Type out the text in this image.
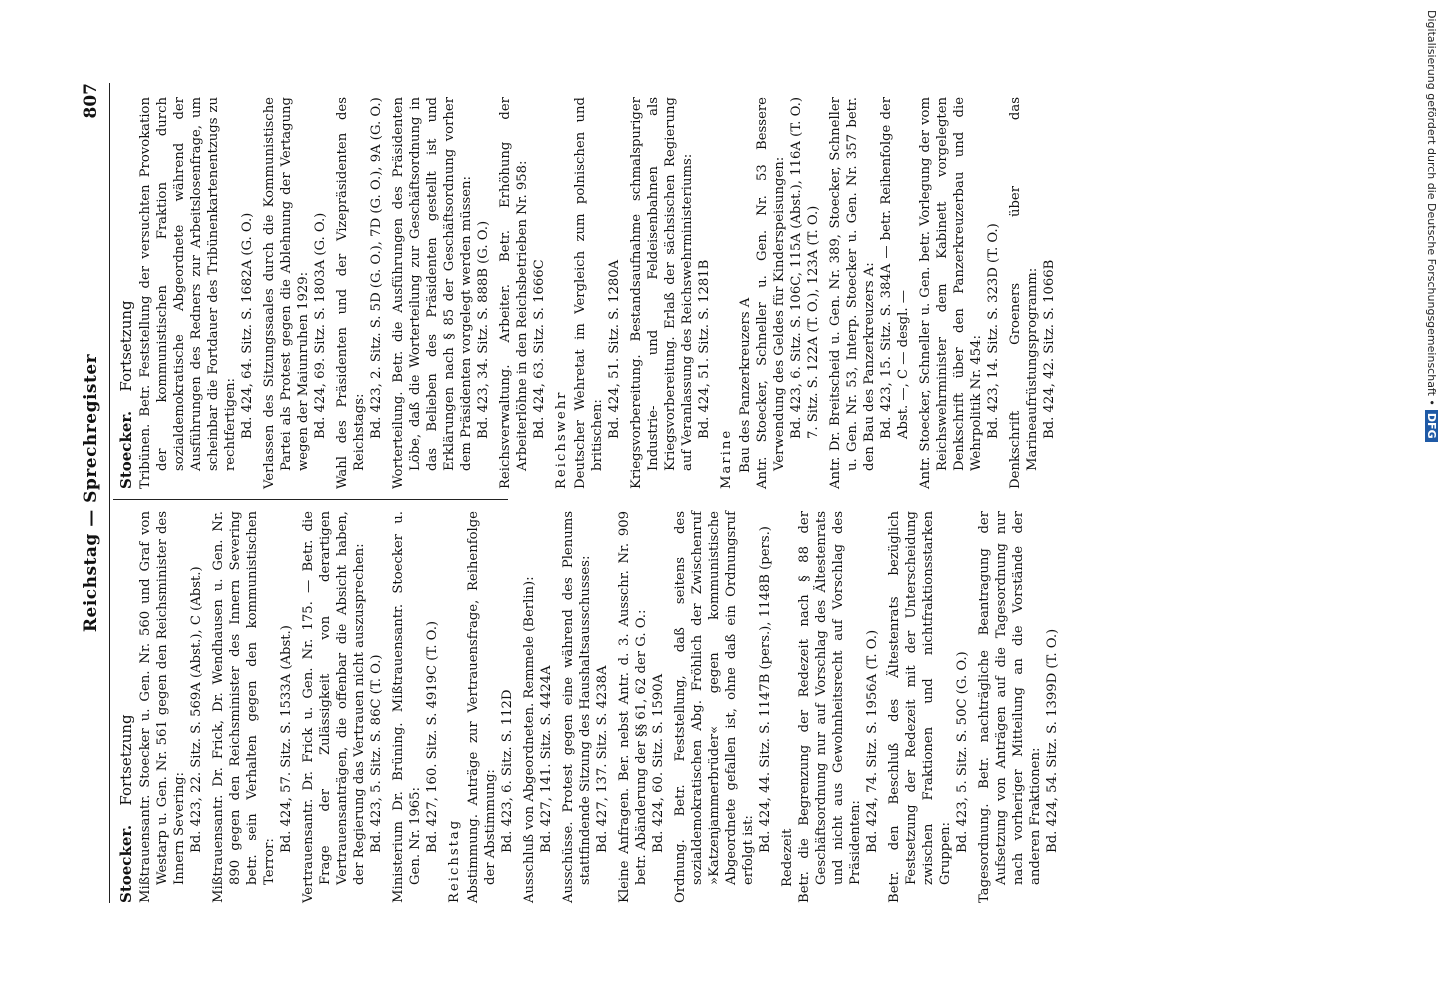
Reichstag — Sprechregister
807
Stoecker. Fortsetzung Mißtrauensantr. Stoecker u. Gen. Nr. 560 und Graf von Westarp u. Gen. Nr. 561 gegen den Reichsminister des Innern Severing: Bd. 423, 22. Sitz. S. 569A (Abst.), C (Abst.) Mißtrauensantr. Dr. Frick, Dr. Wendhausen u. Gen. Nr. 890 gegen den Reichsminister des Innern Severing betr. sein Verhalten gegen den kommunistischen Terror:
Bd. 424, 57. Sitz. S. 1533A (Abst.) Vertrauensantr. Dr. Frick u. Gen. Nr. 175. — Betr. die Frage der Zulässigkeit von derartigen Vertrauensanträgen, die offenbar die Absicht haben, der Regierung das Vertrauen nicht auszusprechen: Bd. 423, 5. Sitz. S. 86C (T. O.) Ministerium Dr. Brüning. Mißtrauensantr. Stoecker u. Gen. Nr. 1965: Bd. 427, 160. Sitz. S. 4919C (T. O.)
Reichstag Abstimmung. Anträge zur Vertrauensfrage, Reihenfolge der Abstimmung: Bd. 423, 6. Sitz. S. 112D Ausschluß von Abgeordneten. Remmele (Berlin): Bd. 427, 141. Sitz. S. 4424A Ausschüsse. Protest gegen eine während des Plenums stattfindende Sitzung des Haushaltsausschusses: Bd. 427, 137. Sitz. S. 4238A Kleine Anfragen. Ber. nebst Antr. d. 3. Ausschr. Nr. 909 betr. Abänderung der §§ 61, 62 der G. O.: Bd. 424, 60. Sitz. S. 1590A Ordnung. Betr. Feststellung, daß seitens des sozialdemokratischen Abg. Fröhlich der Zwischenruf »Katzenjammerbrüder« gegen kommunistische Abgeordnete gefallen ist, ohne daß ein Ordnungsruf erfolgt ist: Bd. 424, 44. Sitz. S. 1147B (pers.), 1148B (pers.)
Redezeit Betr. die Begrenzung der Redezeit nach § 88 der Geschäftsordnung nur auf Vorschlag des Ältestenrats und nicht aus Gewohnheitsrecht auf Vorschlag des Präsidenten: Bd. 424, 74. Sitz. S. 1956A (T. O.) Betr. den Beschluß des Ältestenrats bezüglich Festsetzung der Redezeit mit der Unterscheidung zwischen Fraktionen und nichtfraktionsstarken Gruppen:
Bd. 423, 5. Sitz. S. 50C (G. O.) Tagesordnung. Betr. nachträgliche Beantragung der Aufsetzung von Anträgen auf die Tagesordnung nur nach vorheriger Mitteilung an die Vorstände der anderen Fraktionen: Bd. 424, 54. Sitz. S. 1399D (T. O.)
Stoecker. Fortsetzung Tribünen. Betr. Feststellung der versuchten Provokation der kommunistischen Fraktion durch sozialdemokratische Abgeordnete während der Ausführungen des Redners zur Arbeitslosenfrage, um scheinbar die Fortdauer des Tribünenkartenentzugs zu rechtfertigen: Bd. 424, 64. Sitz. S. 1682A (G. O.) Verlassen des Sitzungssaales durch die Kommunistische Partei als Protest gegen die Ablehnung der Vertagung wegen der Maiunruhen 1929: Bd. 424, 69. Sitz. S. 1803A (G. O.) Wahl des Präsidenten und der Vizepräsidenten des Reichstags: Bd. 423, 2. Sitz. S. 5D (G. O.), 7D (G. O.), 9A (G. O.) Worterteilung. Betr. die Ausführungen des Präsidenten Löbe, daß die Worterteilung zur Geschäftsordnung in das Belieben des Präsidenten gestellt ist und Erklärungen nach § 85 der Geschäftsordnung vorher dem Präsidenten vorgelegt werden müssen: Bd. 423, 34. Sitz. S. 888B (G. O.) Reichsverwaltung. Arbeiter. Betr. Erhöhung der Arbeiterlöhne in den Reichsbetrieben Nr. 958: Bd. 424, 63. Sitz. S. 1666C
Reichswehr Deutscher Wehretat im Vergleich zum polnischen und britischen: Bd. 424, 51. Sitz. S. 1280A Kriegsvorbereitung. Bestandsaufnahme schmalspuriger Industrie- und Feldeisenbahnen als Kriegsvorbereitung. Erlaß der sächsischen Regierung auf Veranlassung des Reichswehrministeriums: Bd. 424, 51. Sitz. S. 1281B
Marine Bau des Panzerkreuzers A Antr. Stoecker, Schneller u. Gen. Nr. 53 Bessere Verwendung des Geldes für Kinderspeisungen: Bd. 423, 6. Sitz. S. 106C, 115A (Abst.), 116A (T. O.) 7. Sitz. S. 122A (T. O.), 123A (T. O.) Antr. Dr. Breitscheid u. Gen. Nr. 389, Stoecker, Schneller u. Gen. Nr. 53, Interp. Stoecker u. Gen. Nr. 357 betr. den Bau des Panzerkreuzers A: Bd. 423, 15. Sitz. S. 384A — betr. Reihenfolge der Abst. —, C — desgl. — Antr. Stoecker, Schneller u. Gen. betr. Vorlegung der vom Reichswehrminister dem Kabinett vorgelegten Denkschrift über den Panzerkreuzerbau und die Wehrpolitik Nr. 454: Bd. 423, 14. Sitz. S. 323D (T. O.) Denkschrift Groeners über das Marineaufrüstungsprogramm: Bd. 424, 42. Sitz. S. 1066B	Digitalisierung gefördert durch die Deutsche Forschungsgemeinschaft •DFG
